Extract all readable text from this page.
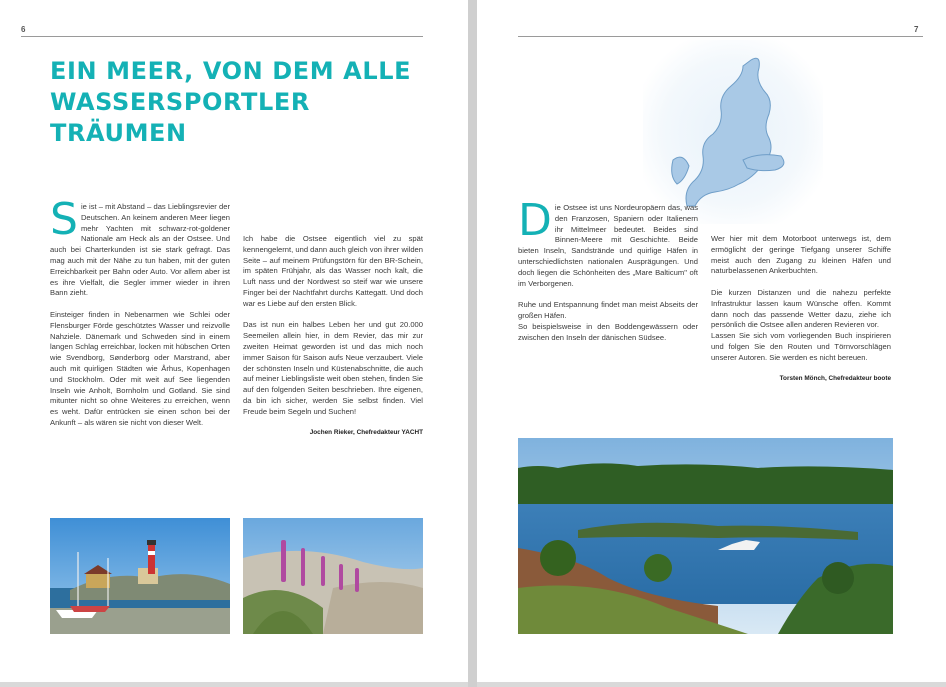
6
EIN MEER, VON DEM ALLE WASSERSPORTLER TRÄUMEN

Sie ist – mit Abstand – das Lieblingsrevier der Deutschen. An keinem anderen Meer liegen mehr Yachten mit schwarz-rot-goldener Nationale am Heck als an der Ostsee. Und auch bei Charterkunden ist sie stark gefragt. Das mag auch mit der Nähe zu tun haben, mit der guten Erreichbarkeit per Bahn oder Auto. Vor allem aber ist es ihre Vielfalt, die Segler immer wieder in ihren Bann zieht.

Einsteiger finden in Nebenarmen wie Schlei oder Flensburger Förde geschütztes Wasser und reizvolle Nahziele. Dänemark und Schweden sind in einem langen Schlag erreichbar, locken mit hübschen Orten wie Svendborg, Sønderborg oder Marstrand, aber auch mit quirligen Städten wie Århus, Kopenhagen und Stockholm. Oder mit weit auf See liegenden Inseln wie Anholt, Bornholm und Gotland. Sie sind mitunter nicht so ohne Weiteres zu erreichen, wenn es weht. Dafür entrücken sie einen schon bei der Ankunft – als wären sie nicht von dieser Welt.

Ich habe die Ostsee eigentlich viel zu spät kennengelernt, und dann auch gleich von ihrer wilden Seite – auf meinem Prüfungstörn für den BR-Schein, im späten Frühjahr, als das Wasser noch kalt, die Luft nass und der Nordwest so steif war wie unsere Finger bei der Nachtfahrt durchs Kattegatt. Und doch war es Liebe auf den ersten Blick.

Das ist nun ein halbes Leben her und gut 20.000 Seemeilen allein hier, in dem Revier, das mir zur zweiten Heimat geworden ist und das mich noch immer Saison für Saison aufs Neue verzaubert. Viele der schönsten Inseln und Küstenabschnitte, die auch auf meiner Lieblingsliste weit oben stehen, finden Sie auf den folgenden Seiten beschrieben. Ihre eigenen, da bin ich sicher, werden Sie selbst finden. Viel Freude beim Segeln und Suchen!

Jochen Rieker, Chefredakteur YACHT
7

Die Ostsee ist uns Nordeuropäern das, was den Franzosen, Spaniern oder Italienern ihr Mittelmeer bedeutet. Beides sind Binnen-Meere mit Geschichte. Beide bieten Inseln, Sandstrände und quirlige Häfen in unterschiedlichsten nationalen Ausprägungen. Und doch liegen die Schönheiten des „Mare Balticum" oft im Verborgenen.

Ruhe und Entspannung findet man meist Abseits der großen Häfen.

So beispielsweise in den Boddengewässern oder zwischen den Inseln der dänischen Südsee.

Wer hier mit dem Motorboot unterwegs ist, dem ermöglicht der geringe Tiefgang unserer Schiffe meist auch den Zugang zu kleinen Häfen und naturbelassenen Ankerbuchten.

Die kurzen Distanzen und die nahezu perfekte Infrastruktur lassen kaum Wünsche offen. Kommt dann noch das passende Wetter dazu, ziehe ich persönlich die Ostsee allen anderen Revieren vor.

Lassen Sie sich vom vorliegenden Buch inspirieren und folgen Sie den Routen und Törnvorschlägen unserer Autoren. Sie werden es nicht bereuen.

Torsten Mönch, Chefredakteur boote
